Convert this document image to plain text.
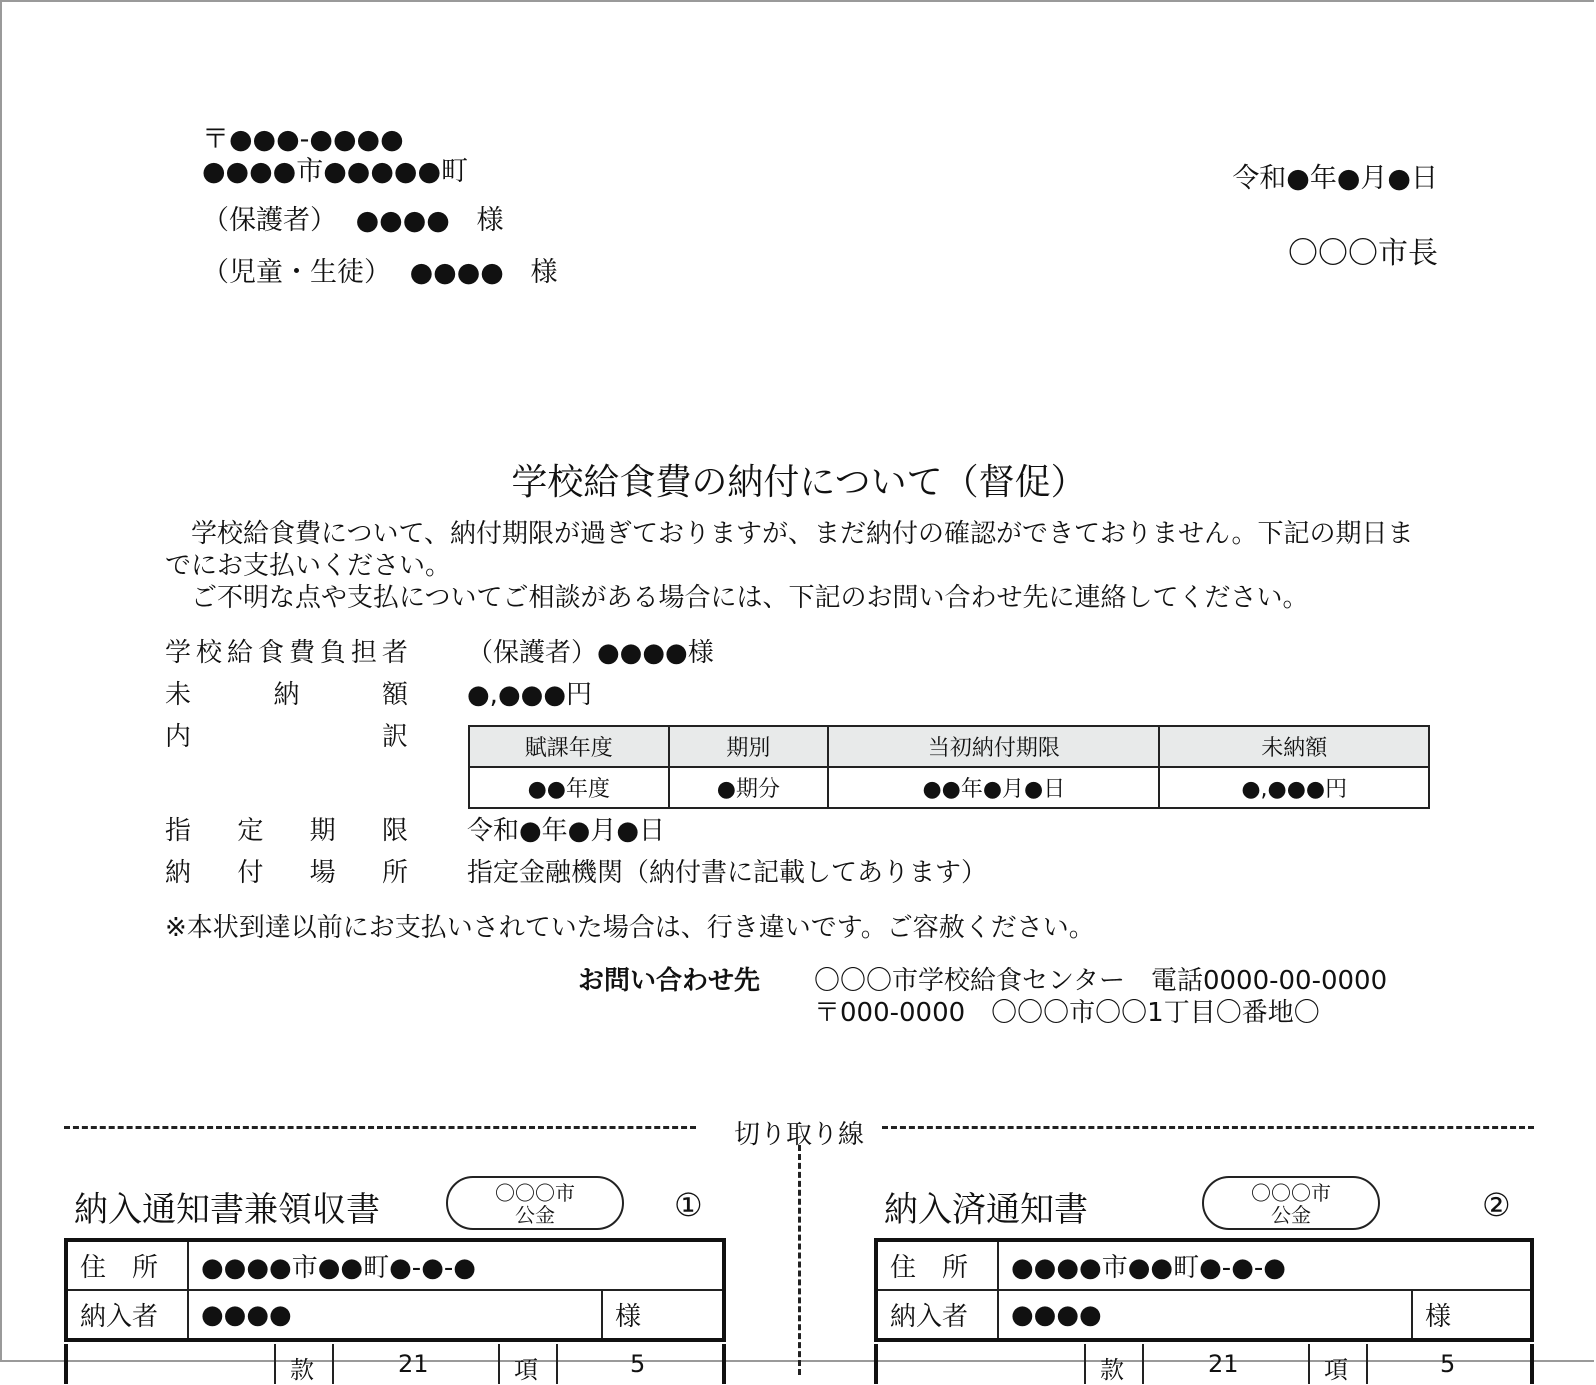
〒●●●-●●●●
●●●●市●●●●●町
（保護者） ●●●● 様
（児童・生徒） ●●●● 様
令和●年●月●日
〇〇〇市長
学校給食費の納付について（督促）
　学校給食費について、納付期限が過ぎておりますが、まだ納付の確認ができておりません。下記の期日までにお支払いください。
　ご不明な点や支払についてご相談がある場合には、下記のお問い合わせ先に連絡してください。
学 校 給 食 費 負 担 者 （保護者）●●●●様
未	納	額 ●,●●●円
内	訳	賦課年度	期別	当初納付期限	未納額
●●年度	●期分	●●年●月●日	●,●●●円
指 定 期 限 令和●年●月●日
納 付 場 所 指定金融機関（納付書に記載してあります）
※本状到達以前にお支払いされていた場合は、行き違いです。ご容赦ください。
お問い合わせ先 〇〇〇市学校給食センター　電話0000-00-0000
〒000-0000　〇〇〇市〇〇1丁目〇番地〇
切り取り線
納入通知書兼領収書	〇〇〇市
公金	①
住　所	●●●●市●●町●-●-●	
納入者	●●●●	様
款	21	項	5
納入済通知書	〇〇〇市
公金	②
住　所	●●●●市●●町●-●-●	
納入者	●●●●	様
款	21	項	5
